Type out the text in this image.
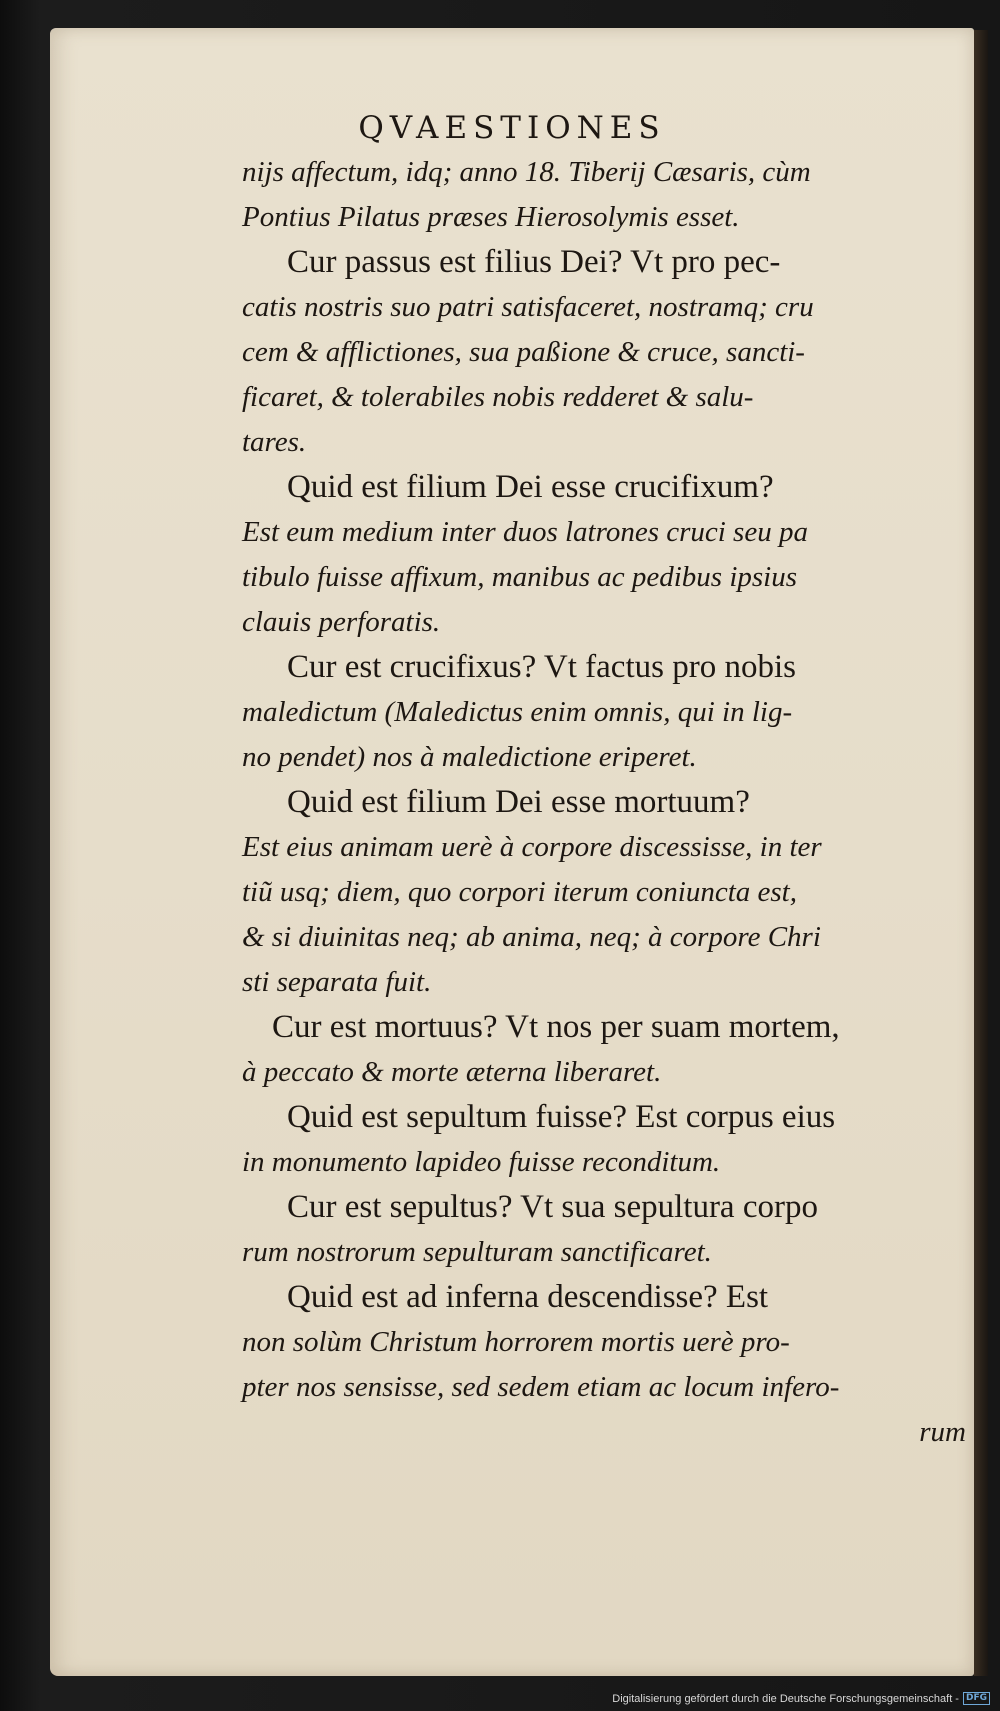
QVAESTIONES
nijs affectum, idq; anno 18. Tiberij Cæsaris, cùm
Pontius Pilatus præses Hierosolymis esset.
Cur passus est filius Dei? Vt pro pec-
catis nostris suo patri satisfaceret, nostramq; cru
cem & afflictiones, sua paßione & cruce, sancti-
ficaret, & tolerabiles nobis redderet & salu-
tares.
Quid est filium Dei esse crucifixum?
Est eum medium inter duos latrones cruci seu pa
tibulo fuisse affixum, manibus ac pedibus ipsius
clauis perforatis.
Cur est crucifixus? Vt factus pro nobis
maledictum (Maledictus enim omnis, qui in lig-
no pendet) nos à maledictione eriperet.
Quid est filium Dei esse mortuum?
Est eius animam uerè à corpore discessisse, in ter
tiũ usq; diem, quo corpori iterum coniuncta est,
& si diuinitas neq; ab anima, neq; à corpore Chri
sti separata fuit.
Cur est mortuus? Vt nos per suam mortem,
à peccato & morte æterna liberaret.
Quid est sepultum fuisse? Est corpus eius
in monumento lapideo fuisse reconditum.
Cur est sepultus? Vt sua sepultura corpo
rum nostrorum sepulturam sanctificaret.
Quid est ad inferna descendisse? Est
non solùm Christum horrorem mortis uerè pro-
pter nos sensisse, sed sedem etiam ac locum infero-
rum
Digitalisierung gefördert durch die Deutsche Forschungsgemeinschaft - DFG
